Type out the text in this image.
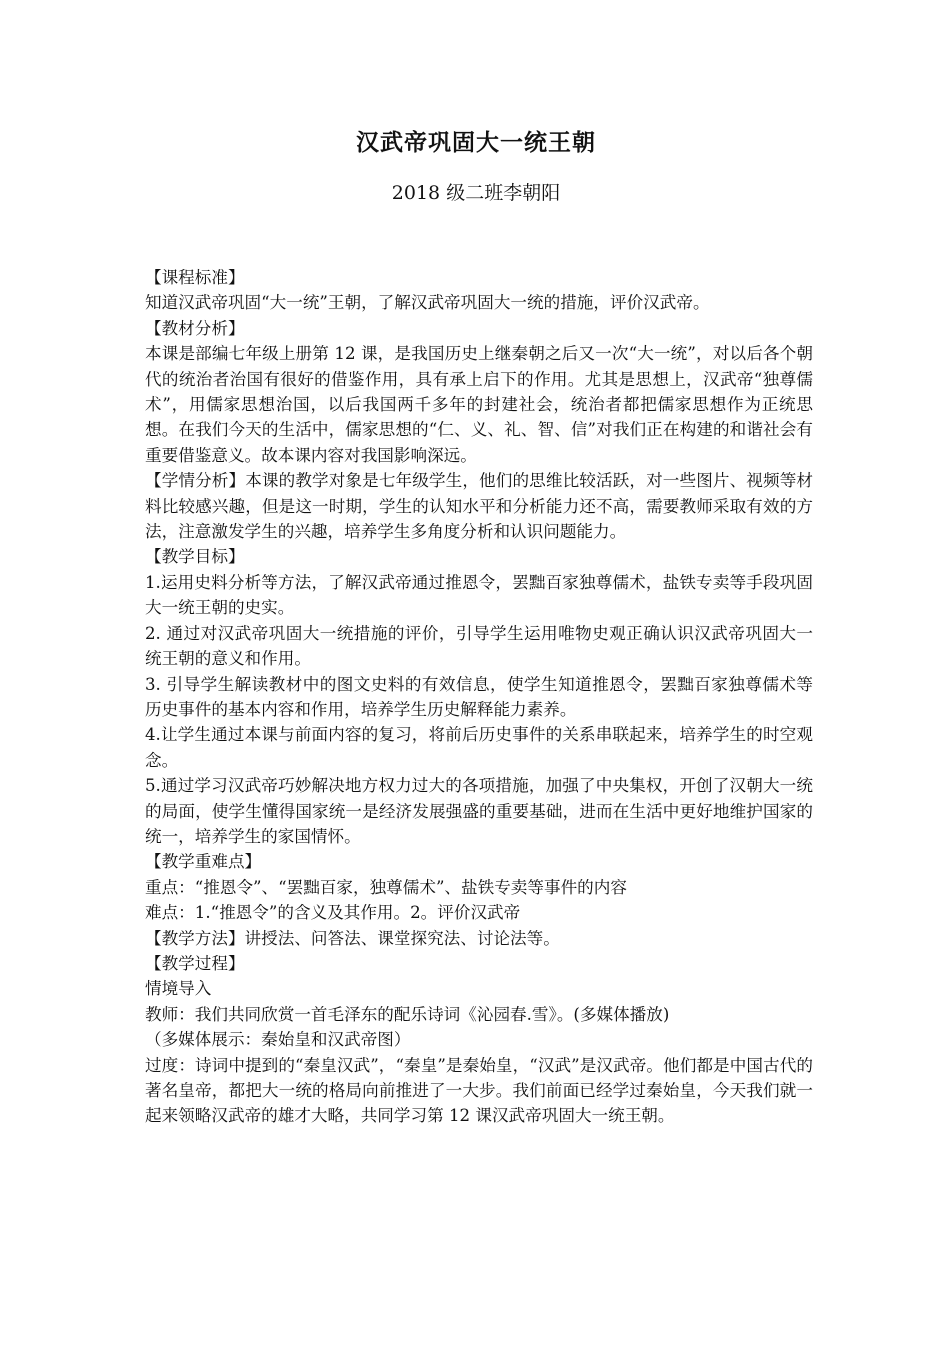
汉武帝巩固大一统王朝
2018 级二班李朝阳
【课程标准】
知道汉武帝巩固“大一统”王朝，了解汉武帝巩固大一统的措施，评价汉武帝。
【教材分析】
本课是部编七年级上册第 12 课，是我国历史上继秦朝之后又一次“大一统”，对以后各个朝代的统治者治国有很好的借鉴作用，具有承上启下的作用。尤其是思想上，汉武帝“独尊儒术”，用儒家思想治国，以后我国两千多年的封建社会，统治者都把儒家思想作为正统思想。在我们今天的生活中，儒家思想的“仁、义、礼、智、信”对我们正在构建的和谐社会有重要借鉴意义。故本课内容对我国影响深远。
【学情分析】本课的教学对象是七年级学生，他们的思维比较活跃，对一些图片、视频等材料比较感兴趣，但是这一时期，学生的认知水平和分析能力还不高，需要教师采取有效的方法，注意激发学生的兴趣，培养学生多角度分析和认识问题能力。
【教学目标】
1.运用史料分析等方法，了解汉武帝通过推恩令，罢黜百家独尊儒术，盐铁专卖等手段巩固大一统王朝的史实。
2. 通过对汉武帝巩固大一统措施的评价，引导学生运用唯物史观正确认识汉武帝巩固大一统王朝的意义和作用。
3. 引导学生解读教材中的图文史料的有效信息，使学生知道推恩令，罢黜百家独尊儒术等历史事件的基本内容和作用，培养学生历史解释能力素养。
4.让学生通过本课与前面内容的复习，将前后历史事件的关系串联起来，培养学生的时空观念。
5.通过学习汉武帝巧妙解决地方权力过大的各项措施，加强了中央集权，开创了汉朝大一统的局面，使学生懂得国家统一是经济发展强盛的重要基础，进而在生活中更好地维护国家的统一，培养学生的家国情怀。
【教学重难点】
重点：“推恩令”、“罢黜百家，独尊儒术”、盐铁专卖等事件的内容
难点：1.“推恩令”的含义及其作用。2。评价汉武帝
【教学方法】讲授法、问答法、课堂探究法、讨论法等。
【教学过程】
情境导入
教师：我们共同欣赏一首毛泽东的配乐诗词《沁园春.雪》。(多媒体播放)
（多媒体展示：秦始皇和汉武帝图）
过度：诗词中提到的“秦皇汉武”，“秦皇”是秦始皇，“汉武”是汉武帝。他们都是中国古代的著名皇帝，都把大一统的格局向前推进了一大步。我们前面已经学过秦始皇，今天我们就一起来领略汉武帝的雄才大略，共同学习第 12 课汉武帝巩固大一统王朝。
